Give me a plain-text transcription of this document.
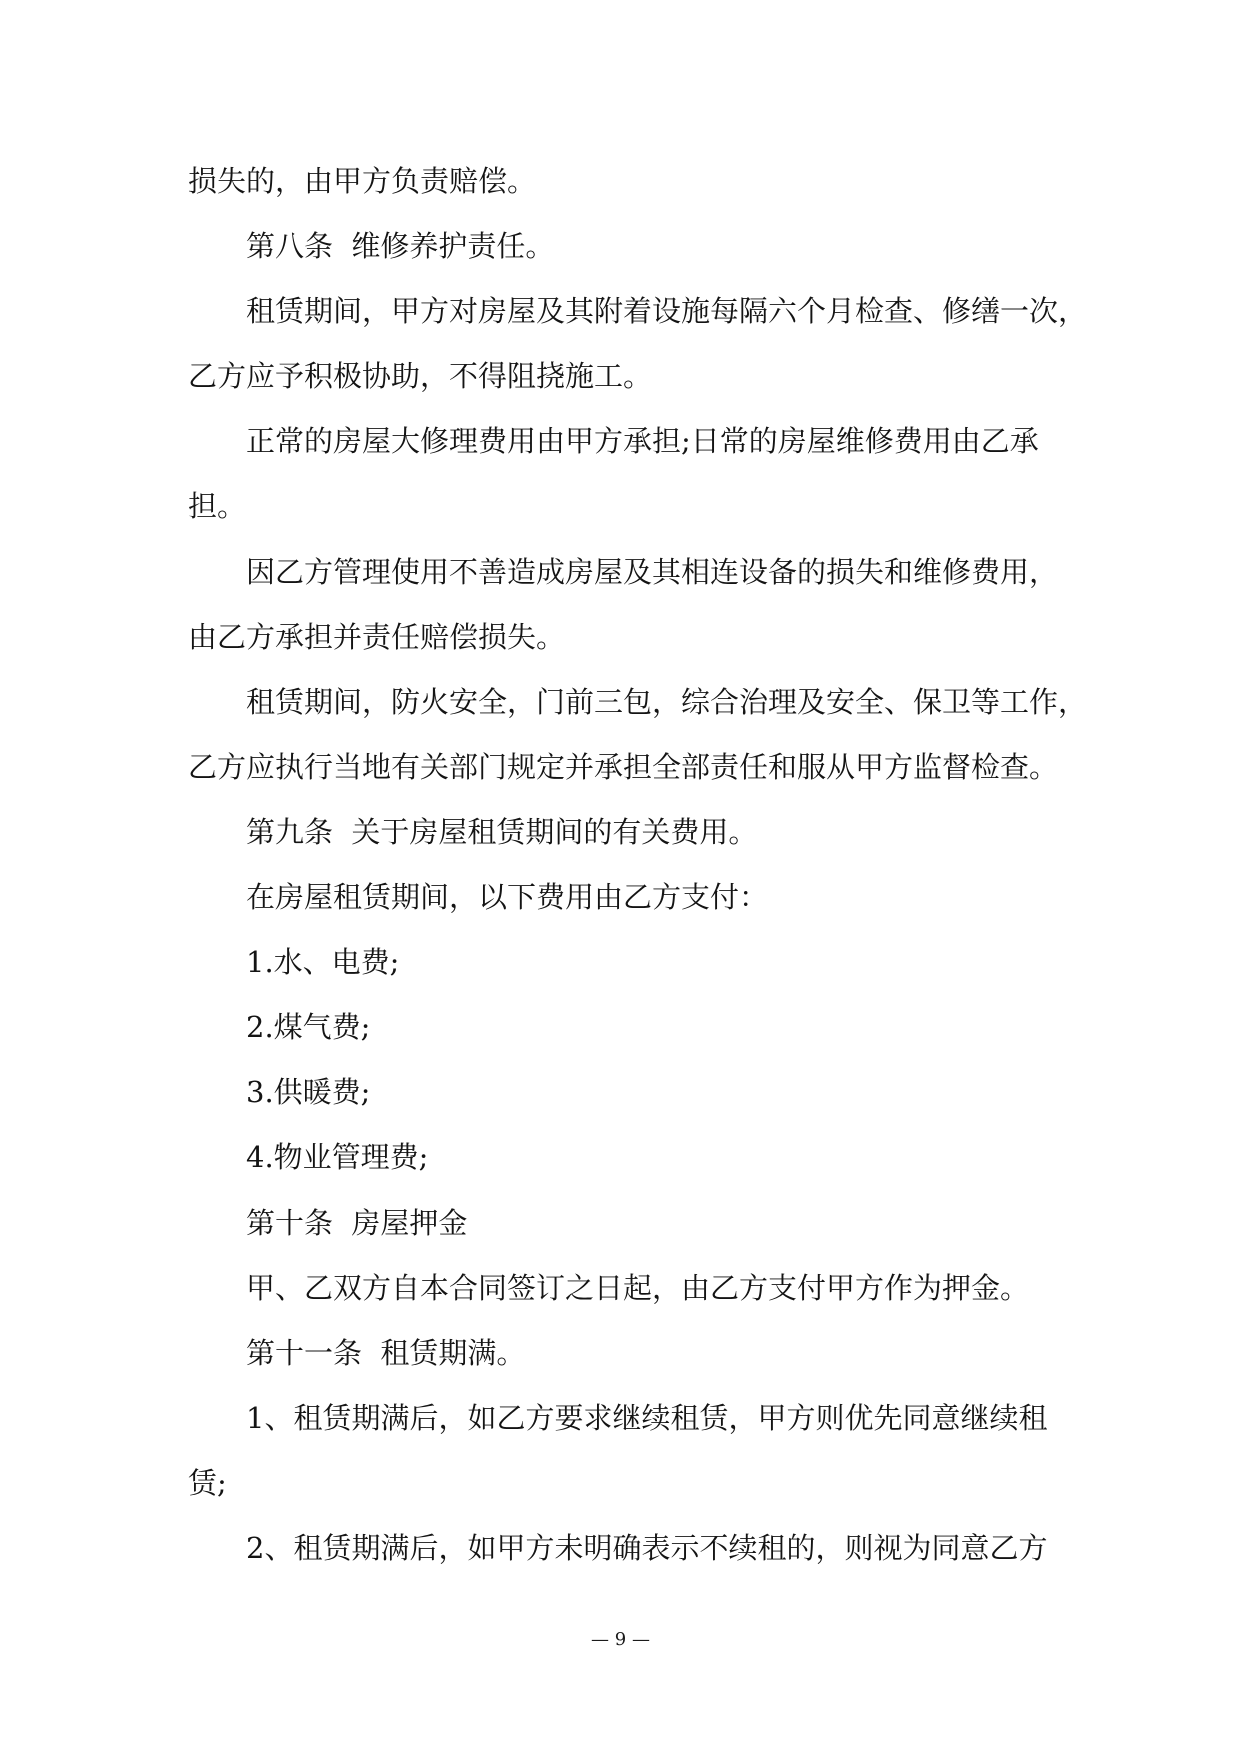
损失的，由甲方负责赔偿。
第八条  维修养护责任。
租赁期间，甲方对房屋及其附着设施每隔六个月检查、修缮一次，
乙方应予积极协助，不得阻挠施工。
正常的房屋大修理费用由甲方承担;日常的房屋维修费用由乙承
担。
因乙方管理使用不善造成房屋及其相连设备的损失和维修费用，
由乙方承担并责任赔偿损失。
租赁期间，防火安全，门前三包，综合治理及安全、保卫等工作，
乙方应执行当地有关部门规定并承担全部责任和服从甲方监督检查。
第九条  关于房屋租赁期间的有关费用。
在房屋租赁期间，以下费用由乙方支付：
1.水、电费;
2.煤气费;
3.供暖费;
4.物业管理费;
第十条  房屋押金
甲、乙双方自本合同签订之日起，由乙方支付甲方作为押金。
第十一条  租赁期满。
1、租赁期满后，如乙方要求继续租赁，甲方则优先同意继续租
赁;
2、租赁期满后，如甲方未明确表示不续租的，则视为同意乙方
— 9 —
